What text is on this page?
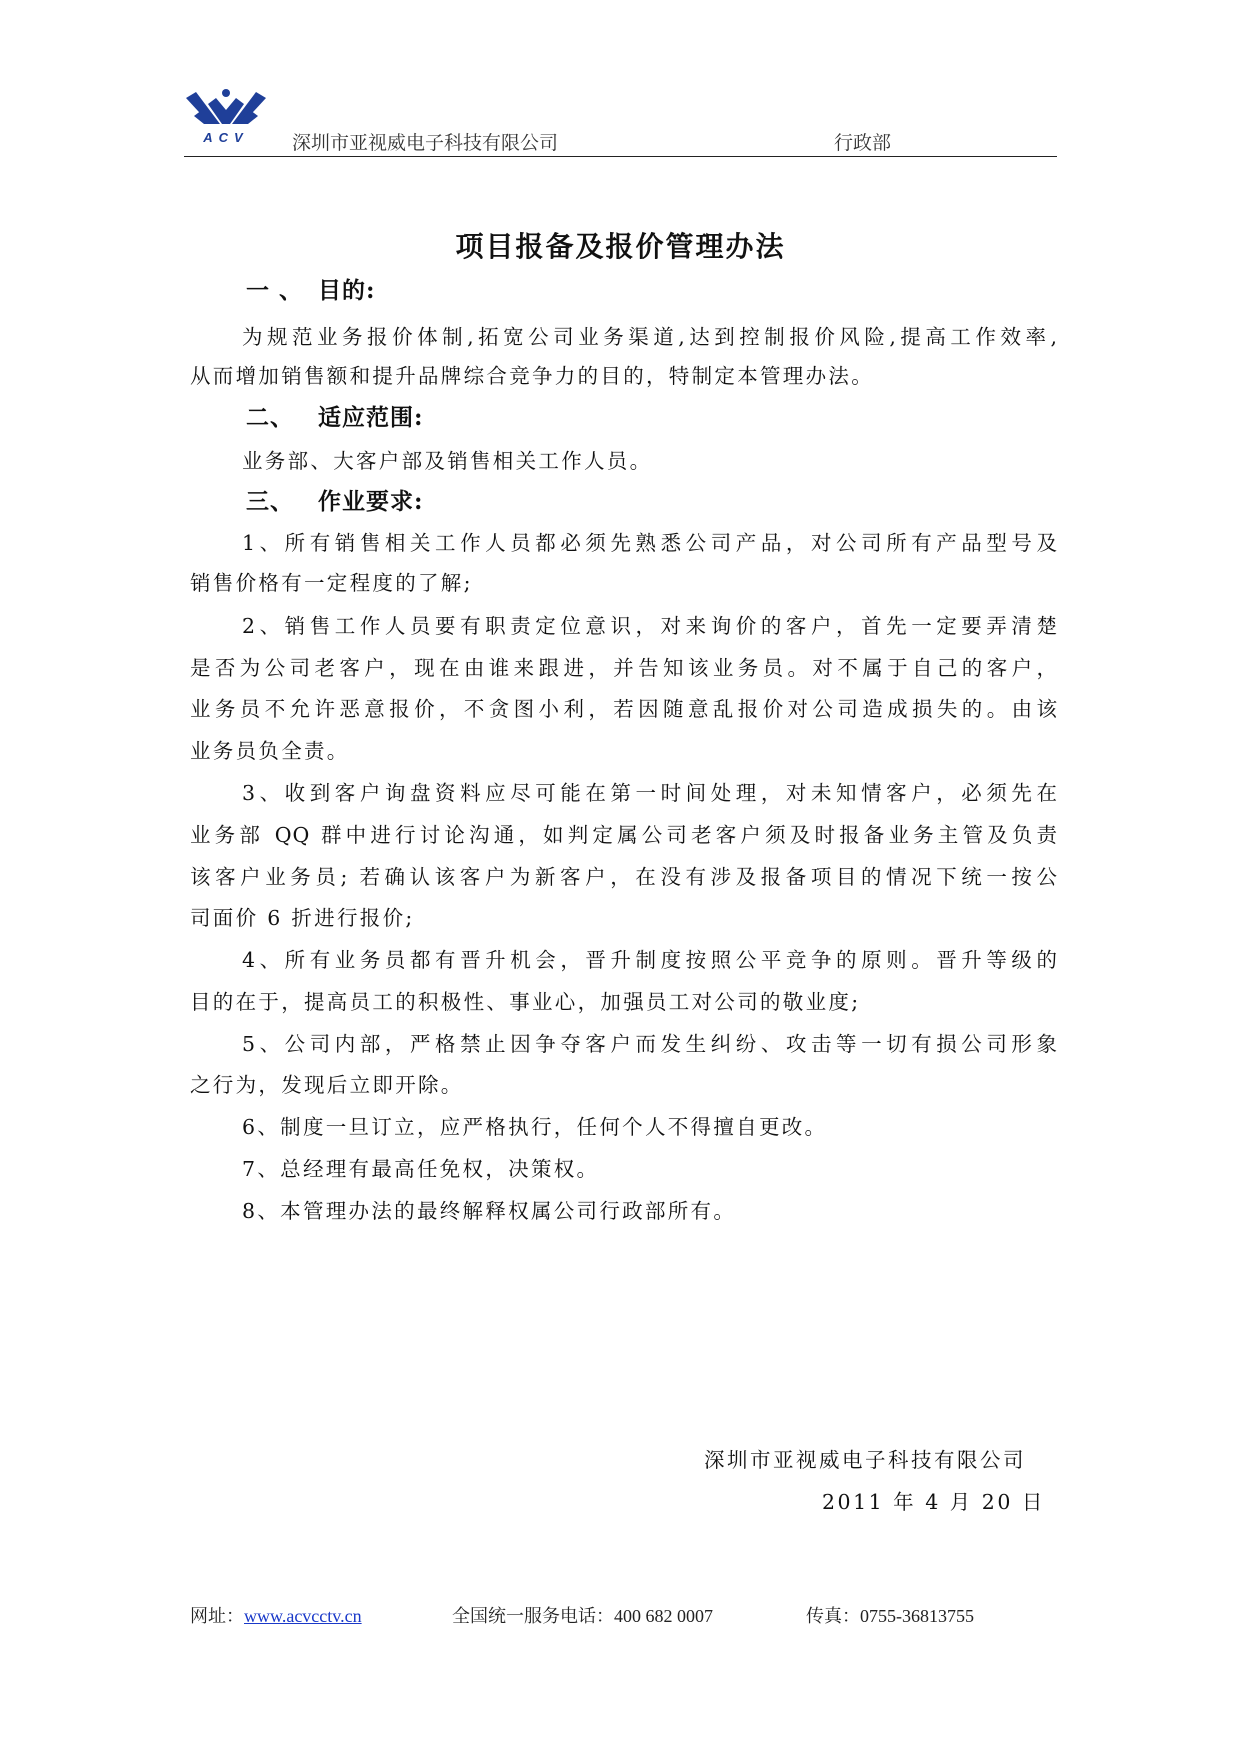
ACV 深圳市亚视威电子科技有限公司	行政部
项目报备及报价管理办法
一 、 目的:
为规范业务报价体制,拓宽公司业务渠道,达到控制报价风险,提高工作效率,
从而增加销售额和提升品牌综合竞争力的目的，特制定本管理办法。
二、 适应范围:
业务部、大客户部及销售相关工作人员。
三、 作业要求:
1、所有销售相关工作人员都必须先熟悉公司产品，对公司所有产品型号及
销售价格有一定程度的了解;
2、销售工作人员要有职责定位意识，对来询价的客户，首先一定要弄清楚
是否为公司老客户，现在由谁来跟进，并告知该业务员。对不属于自己的客户，
业务员不允许恶意报价，不贪图小利，若因随意乱报价对公司造成损失的。由该
业务员负全责。
3、收到客户询盘资料应尽可能在第一时间处理，对未知情客户，必须先在
业务部 QQ 群中进行讨论沟通，如判定属公司老客户须及时报备业务主管及负责
该客户业务员; 若确认该客户为新客户，在没有涉及报备项目的情况下统一按公
司面价 6 折进行报价;
4、所有业务员都有晋升机会，晋升制度按照公平竞争的原则。晋升等级的
目的在于，提高员工的积极性、事业心，加强员工对公司的敬业度;
5、公司内部，严格禁止因争夺客户而发生纠纷、攻击等一切有损公司形象
之行为，发现后立即开除。
6、制度一旦订立，应严格执行，任何个人不得擅自更改。
7、总经理有最高任免权，决策权。
8、本管理办法的最终解释权属公司行政部所有。
深圳市亚视威电子科技有限公司
2011 年 4 月 20 日
网址：www.acvcctv.cn	全国统一服务电话：400 682 0007	传真：0755-36813755
